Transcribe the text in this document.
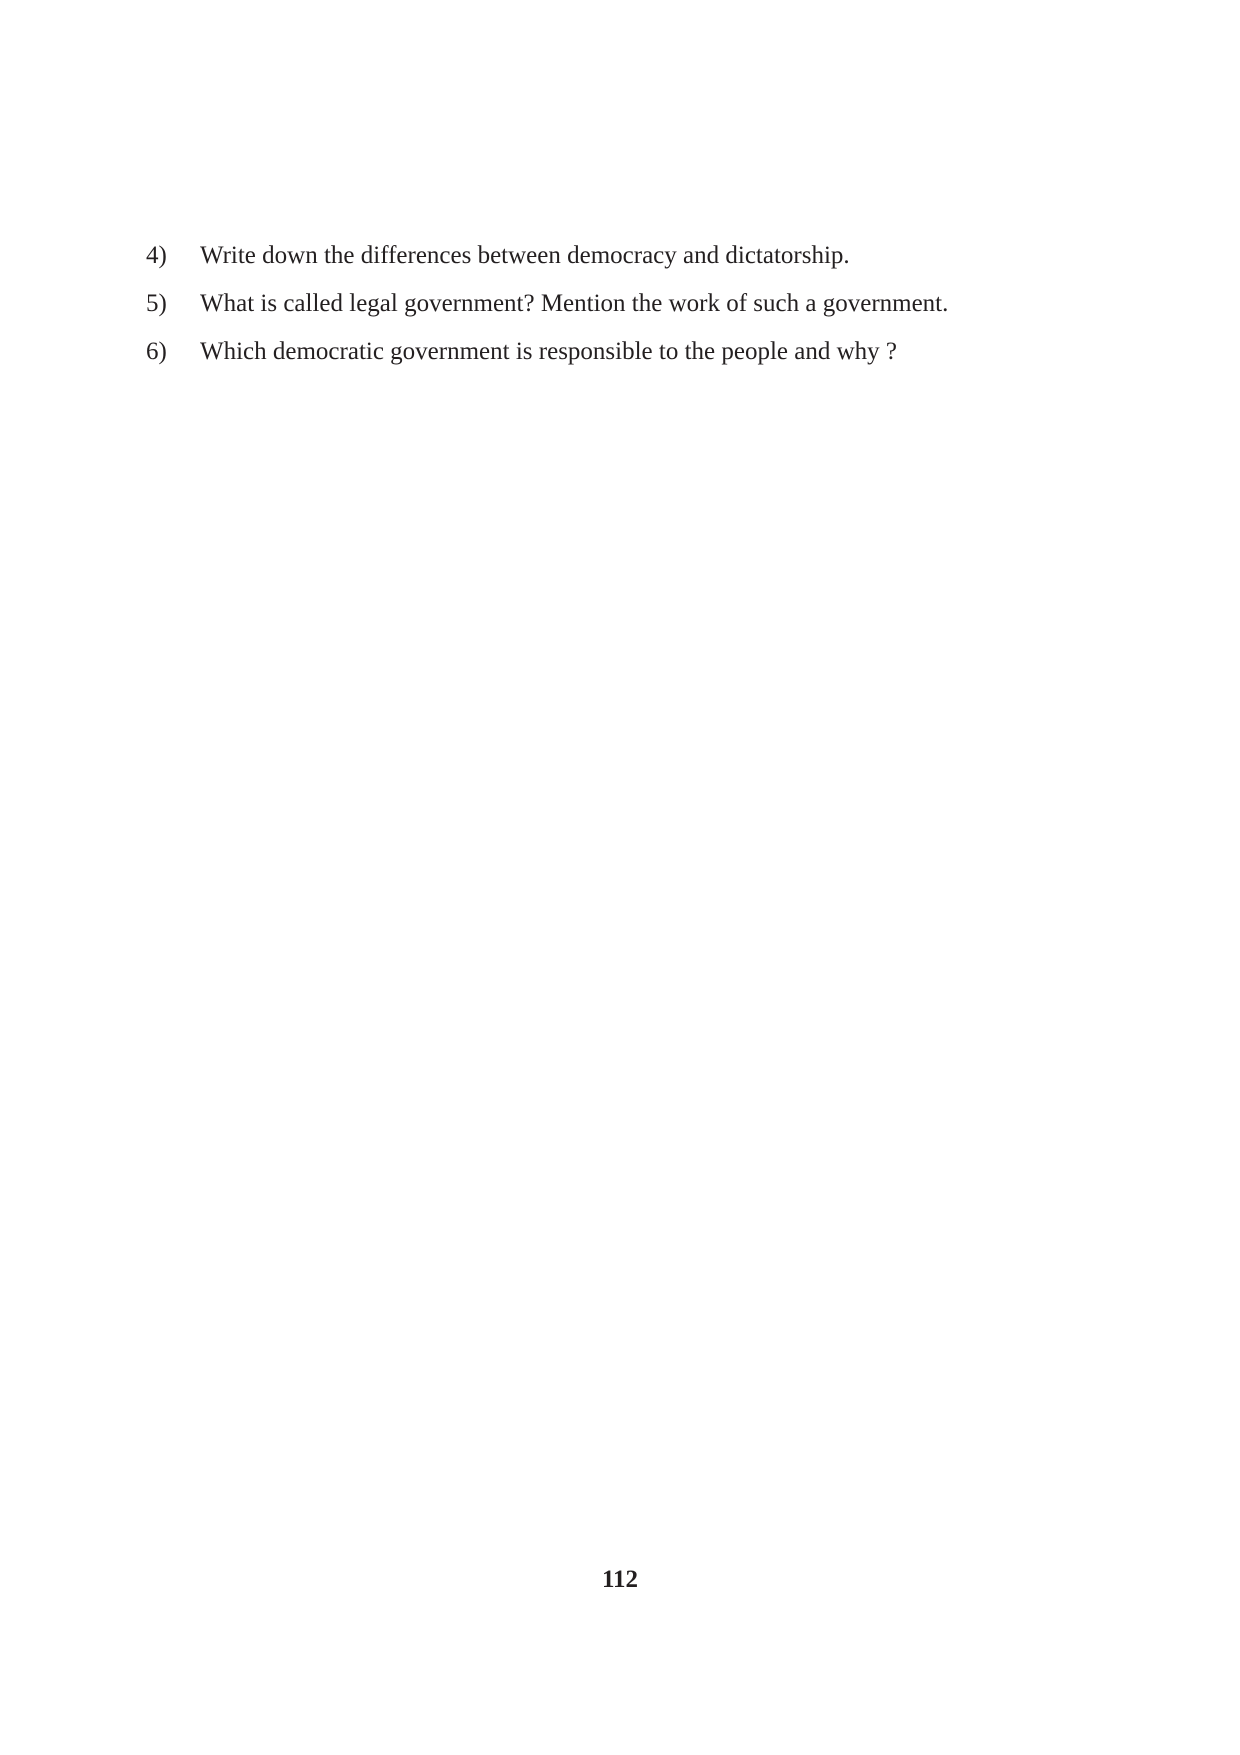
4)	Write down the differences between democracy and dictatorship.
5)	What is called legal government? Mention the work of such a government.
6)	Which democratic government is responsible to the people and why ?
112
